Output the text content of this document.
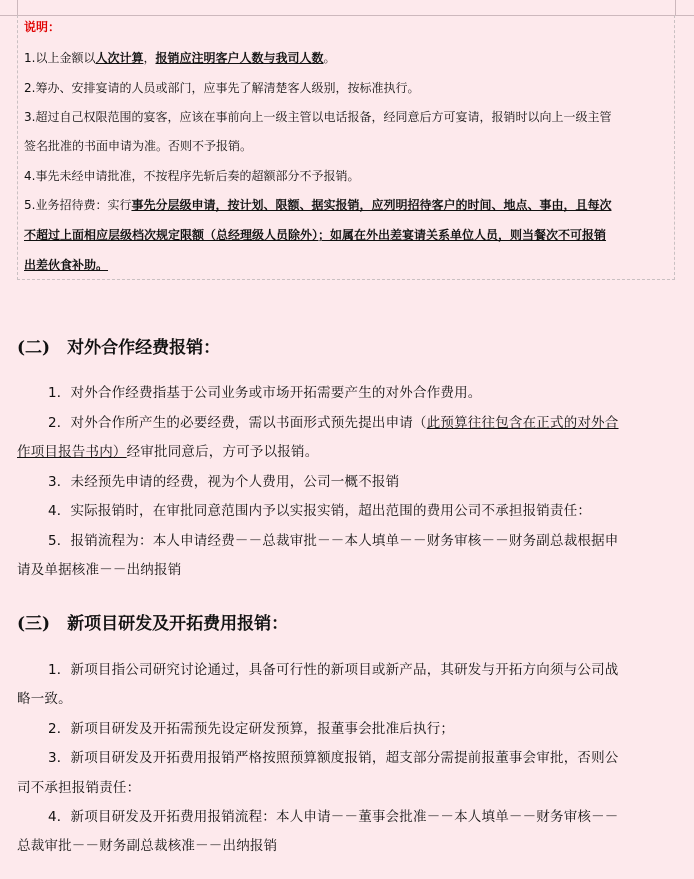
说明：
1.以上金额以人次计算，报销应注明客户人数与我司人数。
2.筹办、安排宴请的人员或部门，应事先了解清楚客人级别，按标准执行。
3.超过自己权限范围的宴客，应该在事前向上一级主管以电话报备，经同意后方可宴请，报销时以向上一级主管
签名批准的书面申请为准。否则不予报销。
4.事先未经申请批准，不按程序先斩后奏的超额部分不予报销。
5.业务招待费：实行事先分层级申请，按计划、限额、据实报销，应列明招待客户的时间、地点、事由，且每次
不超过上面相应层级档次规定限额（总经理级人员除外）；如属在外出差宴请关系单位人员，则当餐次不可报销
出差伙食补助。
(二)　对外合作经费报销：
1．对外合作经费指基于公司业务或市场开拓需要产生的对外合作费用。
2．对外合作所产生的必要经费，需以书面形式预先提出申请（此预算往往包含在正式的对外合
作项目报告书内）经审批同意后，方可予以报销。
3．未经预先申请的经费，视为个人费用，公司一概不报销
4．实际报销时，在审批同意范围内予以实报实销，超出范围的费用公司不承担报销责任：
5．报销流程为：本人申请经费－－总裁审批－－本人填单－－财务审核－－财务副总裁根据申
请及单据核准－－出纳报销
(三)　新项目研发及开拓费用报销：
1．新项目指公司研究讨论通过，具备可行性的新项目或新产品，其研发与开拓方向须与公司战
略一致。
2．新项目研发及开拓需预先设定研发预算，报董事会批准后执行；
3．新项目研发及开拓费用报销严格按照预算额度报销，超支部分需提前报董事会审批，否则公
司不承担报销责任：
4．新项目研发及开拓费用报销流程：本人申请－－董事会批准－－本人填单－－财务审核－－
总裁审批－－财务副总裁核准－－出纳报销
